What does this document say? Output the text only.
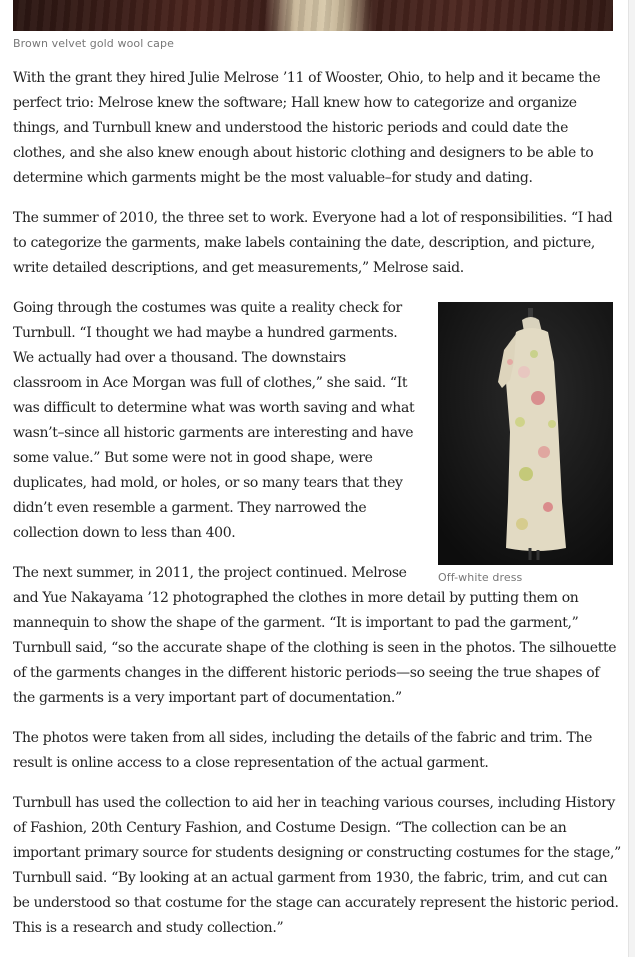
Brown velvet gold wool cape

With the grant they hired Julie Melrose ’11 of Wooster, Ohio, to help and it became the perfect trio: Melrose knew the software; Hall knew how to categorize and organize things, and Turnbull knew and understood the historic periods and could date the clothes, and she also knew enough about historic clothing and designers to be able to determine which garments might be the most valuable–for study and dating.

The summer of 2010, the three set to work. Everyone had a lot of responsibilities. “I had to categorize the garments, make labels containing the date, description, and picture, write detailed descriptions, and get measurements,” Melrose said.

Off-white dress

Going through the costumes was quite a reality check for Turnbull. “I thought we had maybe a hundred garments. We actually had over a thousand. The downstairs classroom in Ace Morgan was full of clothes,” she said. “It was difficult to determine what was worth saving and what wasn’t–since all historic garments are interesting and have some value.” But some were not in good shape, were duplicates, had mold, or holes, or so many tears that they didn’t even resemble a garment. They narrowed the collection down to less than 400.

The next summer, in 2011, the project continued. Melrose and Yue Nakayama ’12 photographed the clothes in more detail by putting them on mannequin to show the shape of the garment. “It is important to pad the garment,” Turnbull said, “so the accurate shape of the clothing is seen in the photos. The silhouette of the garments changes in the different historic periods—so seeing the true shapes of the garments is a very important part of documentation.”

The photos were taken from all sides, including the details of the fabric and trim. The result is online access to a close representation of the actual garment.

Turnbull has used the collection to aid her in teaching various courses, including History of Fashion, 20th Century Fashion, and Costume Design. “The collection can be an important primary source for students designing or constructing costumes for the stage,” Turnbull said. “By looking at an actual garment from 1930, the fabric, trim, and cut can be understood so that costume for the stage can accurately represent the historic period. This is a research and study collection.”
